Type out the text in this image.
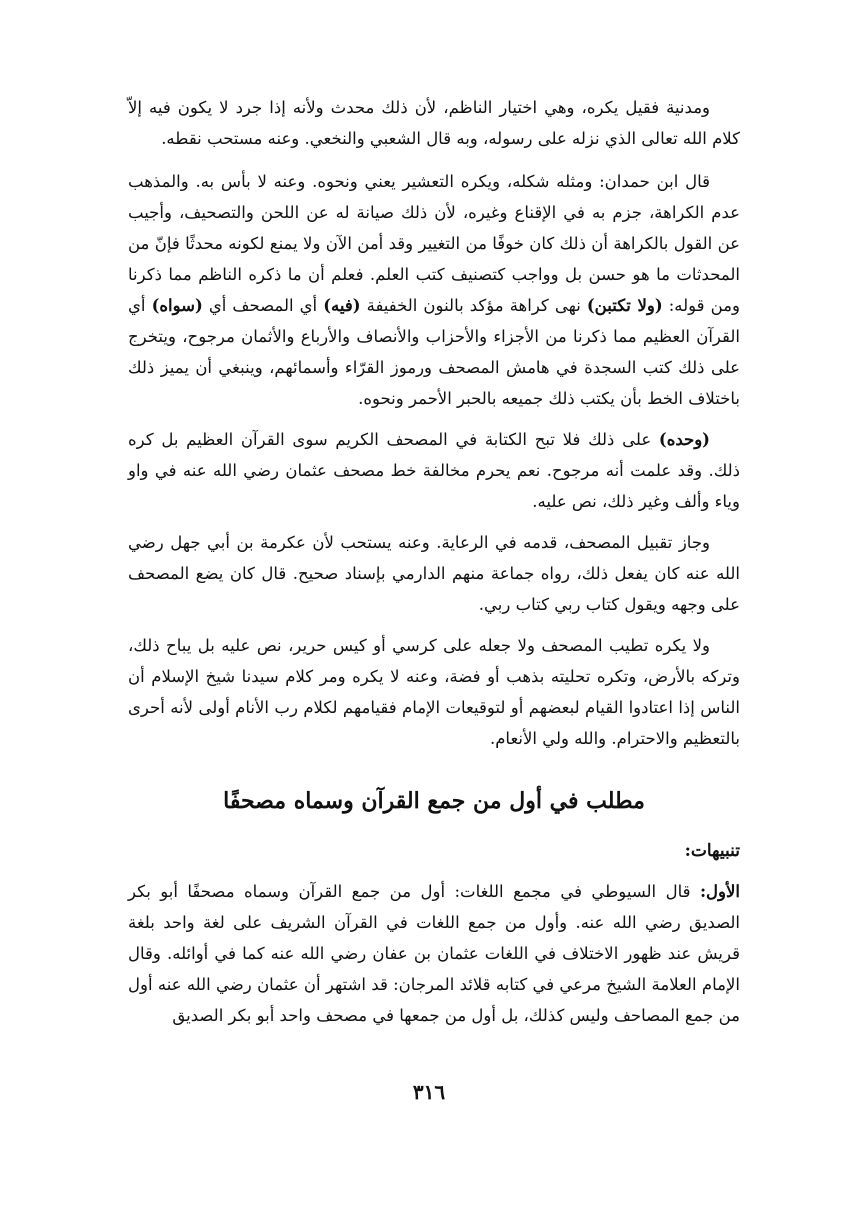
ومدنية فقيل يكره، وهي اختيار الناظم، لأن ذلك محدث ولأنه إذا جرد لا يكون فيه إلاّ كلام الله تعالى الذي نزله على رسوله، وبه قال الشعبي والنخعي. وعنه مستحب نقطه.

قال ابن حمدان: ومثله شكله، ويكره التعشير يعني ونحوه. وعنه لا بأس به. والمذهب عدم الكراهة، جزم به في الإقناع وغيره، لأن ذلك صيانة له عن اللحن والتصحيف، وأجيب عن القول بالكراهة أن ذلك كان خوفًا من التغيير وقد أمن الآن ولا يمنع لكونه محدثًا فإنّ من المحدثات ما هو حسن بل وواجب كتصنيف كتب العلم. فعلم أن ما ذكره الناظم مما ذكرنا ومن قوله: (ولا تكتبن) نهى كراهة مؤكد بالنون الخفيفة (فيه) أي المصحف أي (سواه) أي القرآن العظيم مما ذكرنا من الأجزاء والأحزاب والأنصاف والأرباع والأثمان مرجوح، ويتخرج على ذلك كتب السجدة في هامش المصحف ورموز القرّاء وأسمائهم، وينبغي أن يميز ذلك باختلاف الخط بأن يكتب ذلك جميعه بالحبر الأحمر ونحوه.

(وحده) على ذلك فلا تبح الكتابة في المصحف الكريم سوى القرآن العظيم بل كره ذلك. وقد علمت أنه مرجوح. نعم يحرم مخالفة خط مصحف عثمان رضي الله عنه في واو وياء وألف وغير ذلك، نص عليه.

وجاز تقبيل المصحف، قدمه في الرعاية. وعنه يستحب لأن عكرمة بن أبي جهل رضي الله عنه كان يفعل ذلك، رواه جماعة منهم الدارمي بإسناد صحيح. قال كان يضع المصحف على وجهه ويقول كتاب ربي كتاب ربي.

ولا يكره تطيب المصحف ولا جعله على كرسي أو كيس حرير، نص عليه بل يباح ذلك، وتركه بالأرض، وتكره تحليته بذهب أو فضة، وعنه لا يكره ومر كلام سيدنا شيخ الإسلام أن الناس إذا اعتادوا القيام لبعضهم أو لتوقيعات الإمام فقيامهم لكلام رب الأنام أولى لأنه أحرى بالتعظيم والاحترام. والله ولي الأنعام.

مطلب في أول من جمع القرآن وسماه مصحفًا
تنبيهات:

الأول: قال السيوطي في مجمع اللغات: أول من جمع القرآن وسماه مصحفًا أبو بكر الصديق رضي الله عنه. وأول من جمع اللغات في القرآن الشريف على لغة واحد بلغة قريش عند ظهور الاختلاف في اللغات عثمان بن عفان رضي الله عنه كما في أوائله. وقال الإمام العلامة الشيخ مرعي في كتابه قلائد المرجان: قد اشتهر أن عثمان رضي الله عنه أول من جمع المصاحف وليس كذلك، بل أول من جمعها في مصحف واحد أبو بكر الصديق

٣١٦
